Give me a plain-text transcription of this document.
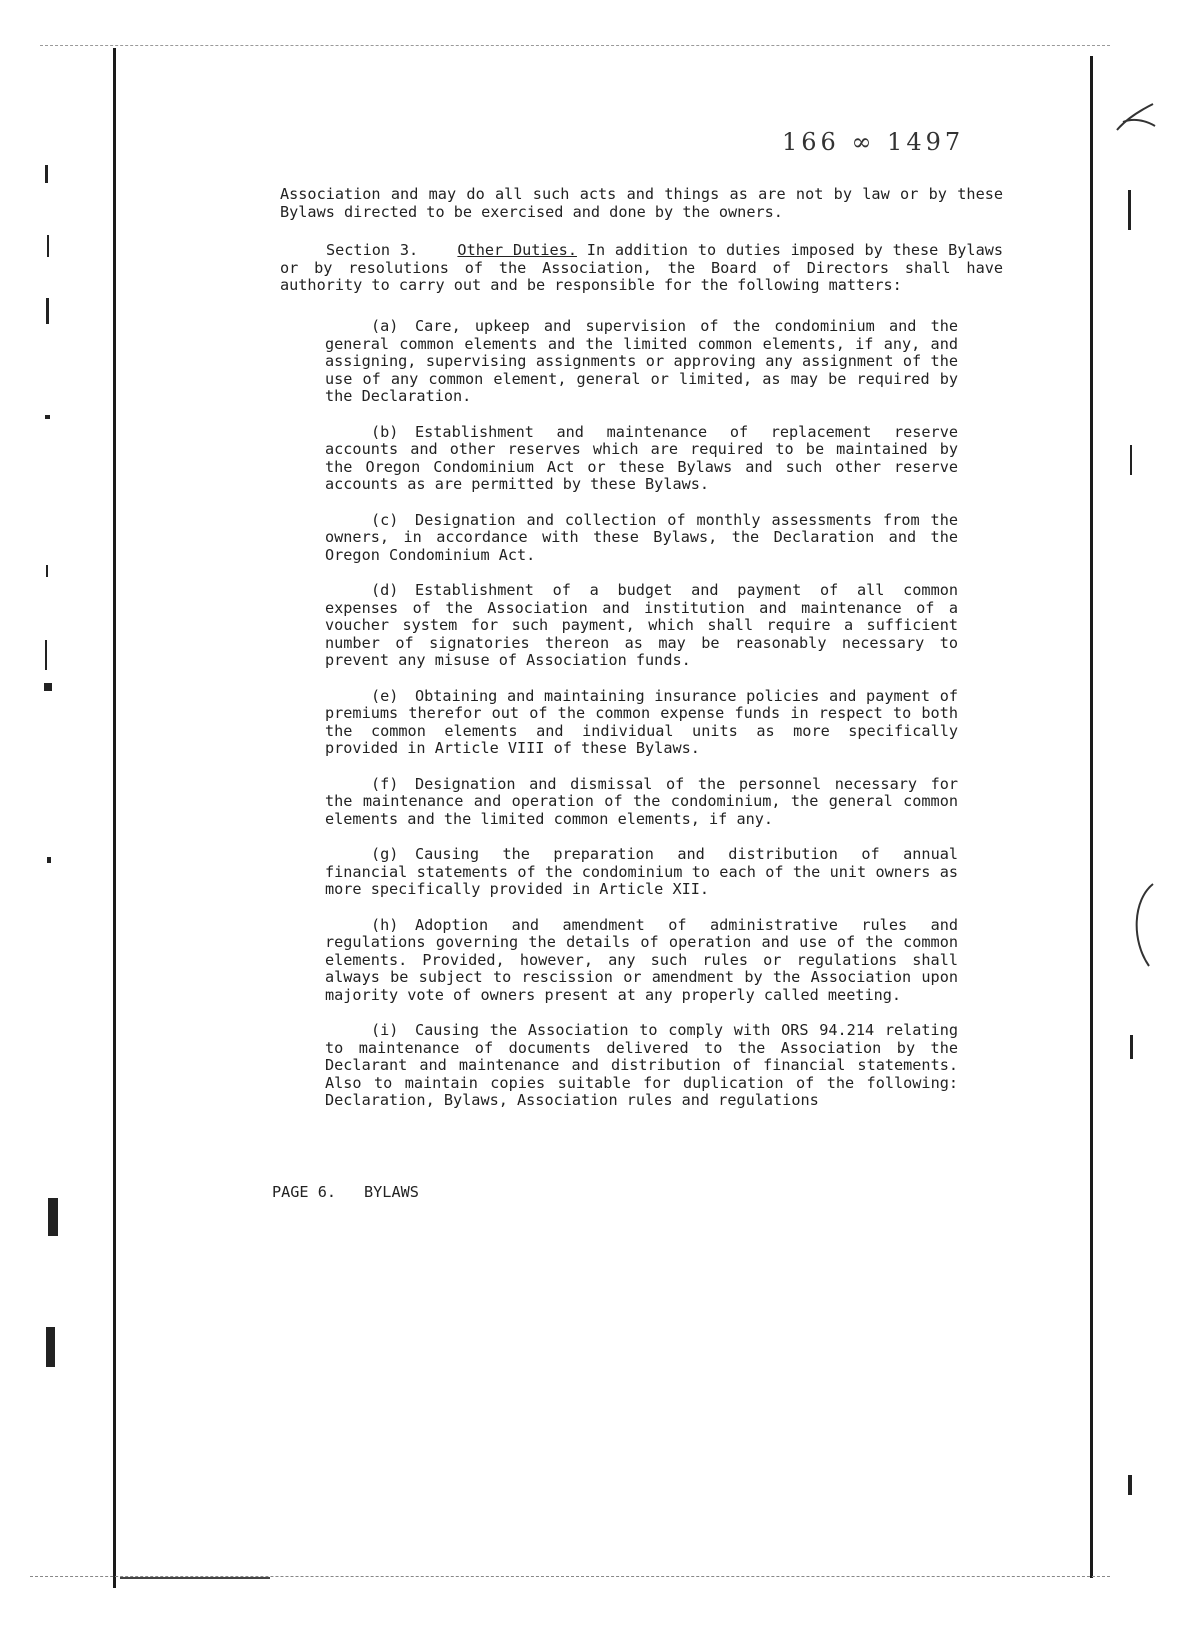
166 ∞ 1497
Association and may do all such acts and things as are not by law or by these Bylaws directed to be exercised and done by the owners.
Section 3.	Other Duties. In addition to duties imposed by these Bylaws or by resolutions of the Association, the Board of Directors shall have authority to carry out and be responsible for the following matters:
(a) Care, upkeep and supervision of the condominium and the general common elements and the limited common elements, if any, and assigning, supervising assignments or approving any assignment of the use of any common element, general or limited, as may be required by the Declaration.
(b) Establishment and maintenance of replacement reserve accounts and other reserves which are required to be maintained by the Oregon Condominium Act or these Bylaws and such other reserve accounts as are permitted by these Bylaws.
(c) Designation and collection of monthly assessments from the owners, in accordance with these Bylaws, the Declaration and the Oregon Condominium Act.
(d) Establishment of a budget and payment of all common expenses of the Association and institution and maintenance of a voucher system for such payment, which shall require a sufficient number of signatories thereon as may be reasonably necessary to prevent any misuse of Association funds.
(e) Obtaining and maintaining insurance policies and payment of premiums therefor out of the common expense funds in respect to both the common elements and individual units as more specifically provided in Article VIII of these Bylaws.
(f) Designation and dismissal of the personnel necessary for the maintenance and operation of the condominium, the general common elements and the limited common elements, if any.
(g) Causing the preparation and distribution of annual financial statements of the condominium to each of the unit owners as more specifically provided in Article XII.
(h) Adoption and amendment of administrative rules and regulations governing the details of operation and use of the common elements. Provided, however, any such rules or regulations shall always be subject to rescission or amendment by the Association upon majority vote of owners present at any properly called meeting.
(i) Causing the Association to comply with ORS 94.214 relating to maintenance of documents delivered to the Association by the Declarant and maintenance and distribution of financial statements. Also to maintain copies suitable for duplication of the following: Declaration, Bylaws, Association rules and regulations
PAGE 6. BYLAWS
